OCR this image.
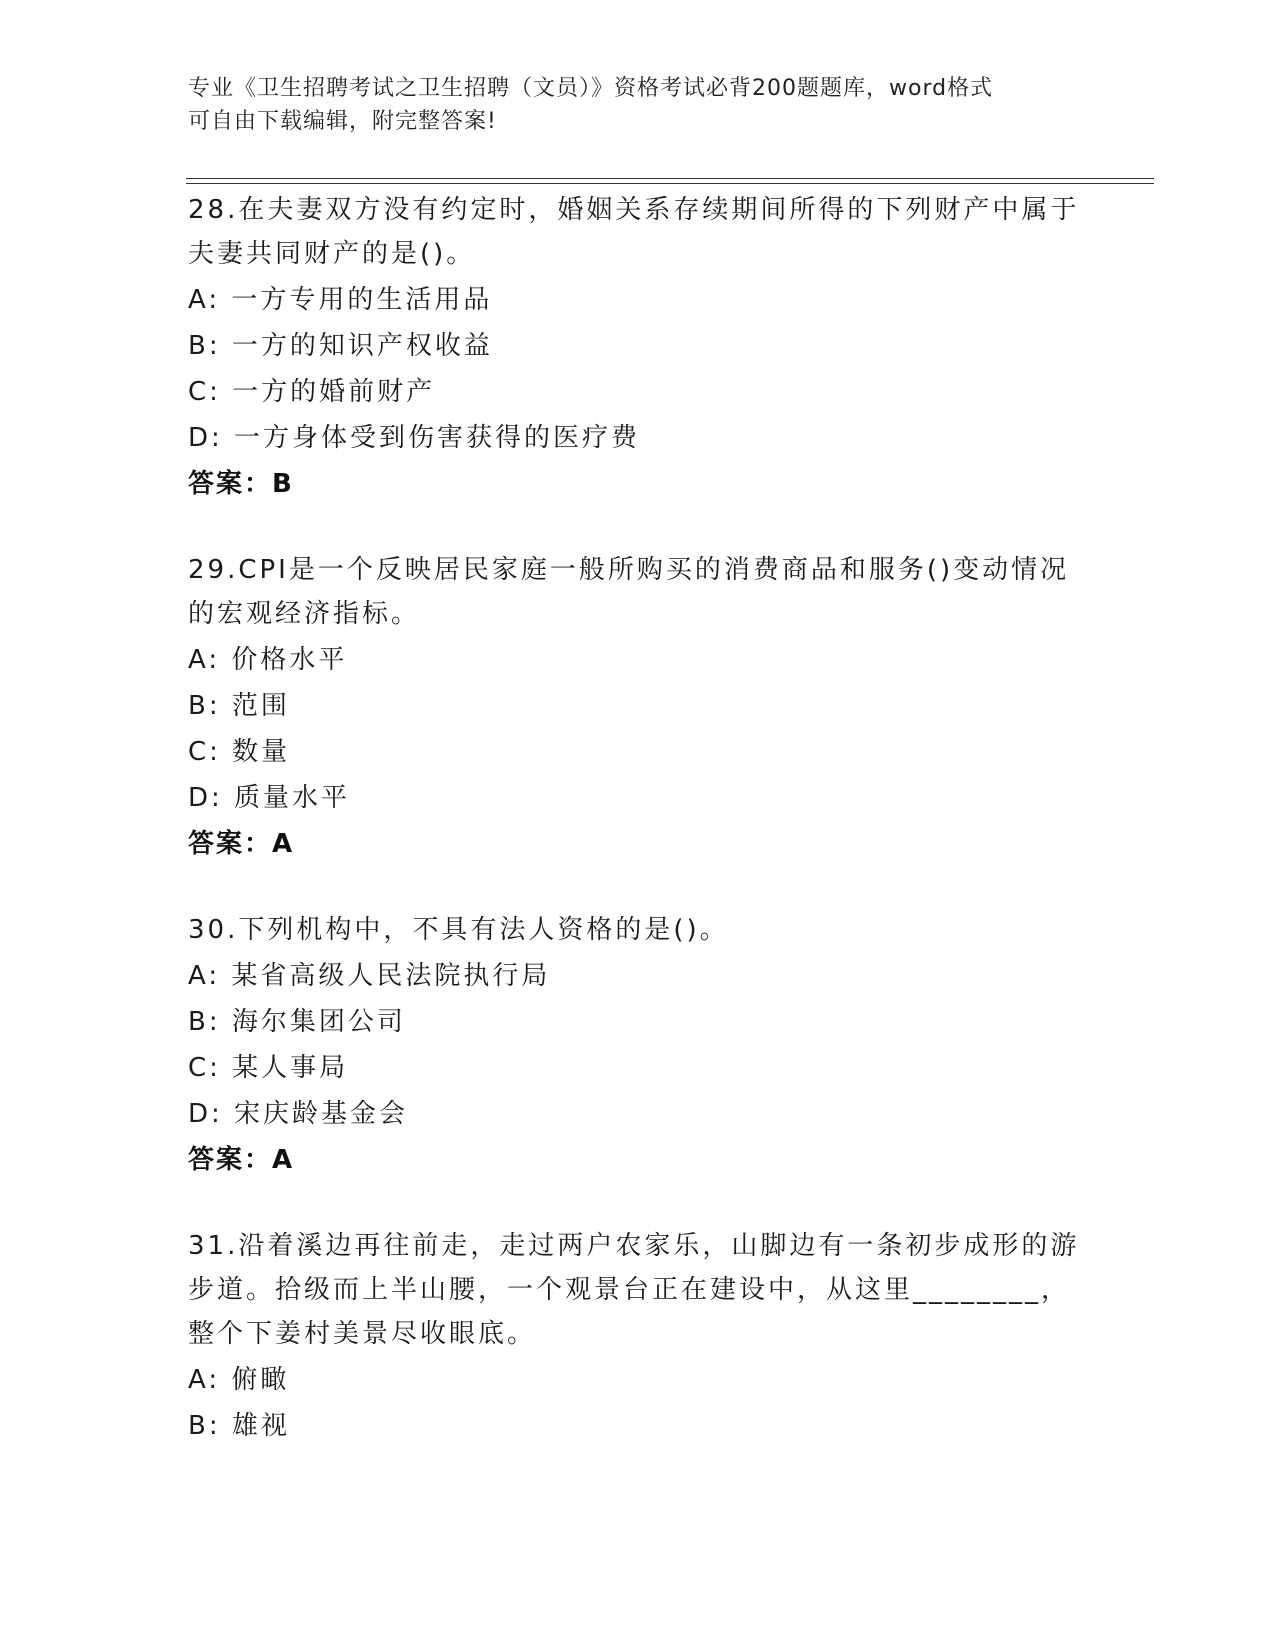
专业《卫生招聘考试之卫生招聘（文员）》资格考试必背200题题库，word格式
可自由下载编辑，附完整答案!

28.在夫妻双方没有约定时，婚姻关系存续期间所得的下列财产中属于
夫妻共同财产的是()。

A: 一方专用的生活用品

B: 一方的知识产权收益

C: 一方的婚前财产

D: 一方身体受到伤害获得的医疗费

答案：B

29.CPI是一个反映居民家庭一般所购买的消费商品和服务()变动情况
的宏观经济指标。

A: 价格水平

B: 范围

C: 数量

D: 质量水平

答案：A

30.下列机构中，不具有法人资格的是()。

A: 某省高级人民法院执行局

B: 海尔集团公司

C: 某人事局

D: 宋庆龄基金会

答案：A

31.沿着溪边再往前走，走过两户农家乐，山脚边有一条初步成形的游
步道。拾级而上半山腰，一个观景台正在建设中，从这里________，
整个下姜村美景尽收眼底。

A: 俯瞰

B: 雄视
